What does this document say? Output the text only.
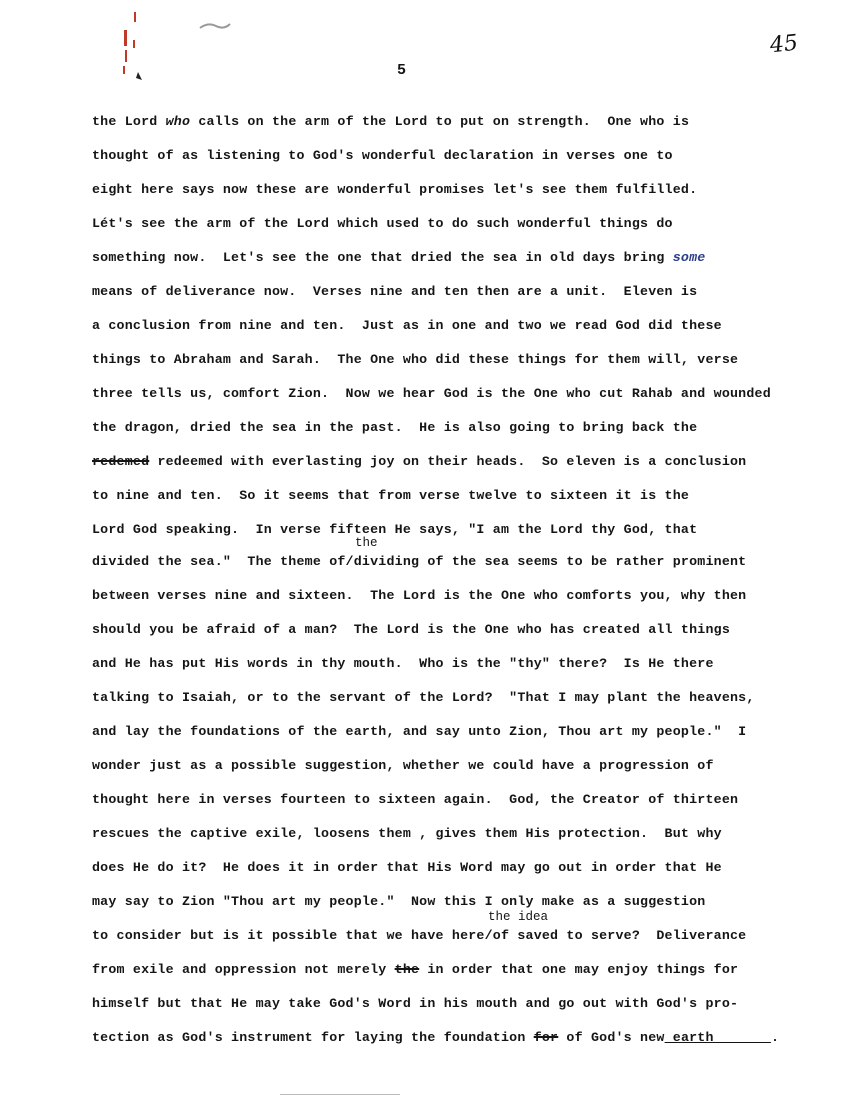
45
5
the Lord who calls on the arm of the Lord to put on strength.  One who is
thought of as listening to God's wonderful declaration in verses one to
eight here says now these are wonderful promises let's see them fulfilled.
Lét's see the arm of the Lord which used to do such wonderful things do
something now.  Let's see the one that dried the sea in old days bring some
means of deliverance now.  Verses nine and ten then are a unit.  Eleven is
a conclusion from nine and ten.  Just as in one and two we read God did these
things to Abraham and Sarah.  The One who did these things for them will, verse
three tells us, comfort Zion.  Now we hear God is the One who cut Rahab and wounded
the dragon, dried the sea in the past.  He is also going to bring back the
redemed redeemed with everlasting joy on their heads.  So eleven is a conclusion
to nine and ten.  So it seems that from verse twelve to sixteen it is the
Lord God speaking.  In verse fifteen He says, "I am the Lord thy God, that
the
divided the sea."  The theme of/dividing of the sea seems to be rather prominent
between verses nine and sixteen.  The Lord is the One who comforts you, why then
should you be afraid of a man?  The Lord is the One who has created all things
and He has put His words in thy mouth.  Who is the "thy" there?  Is He there
talking to Isaiah, or to the servant of the Lord?  "That I may plant the heavens,
and lay the foundations of the earth, and say unto Zion, Thou art my people."  I
wonder just as a possible suggestion, whether we could have a progression of
thought here in verses fourteen to sixteen again.  God, the Creator of thirteen
rescues the captive exile, loosens them , gives them His protection.  But why
does He do it?  He does it in order that His Word may go out in order that He
may say to Zion "Thou art my people."  Now this I only make as a suggestion
the idea
to consider but is it possible that we have here/of saved to serve?  Deliverance
from exile and oppression not merely the in order that one may enjoy things for
himself but that He may take God's Word in his mouth and go out with God's pro-
tection as God's instrument for laying the foundation for of God's new earth       .
